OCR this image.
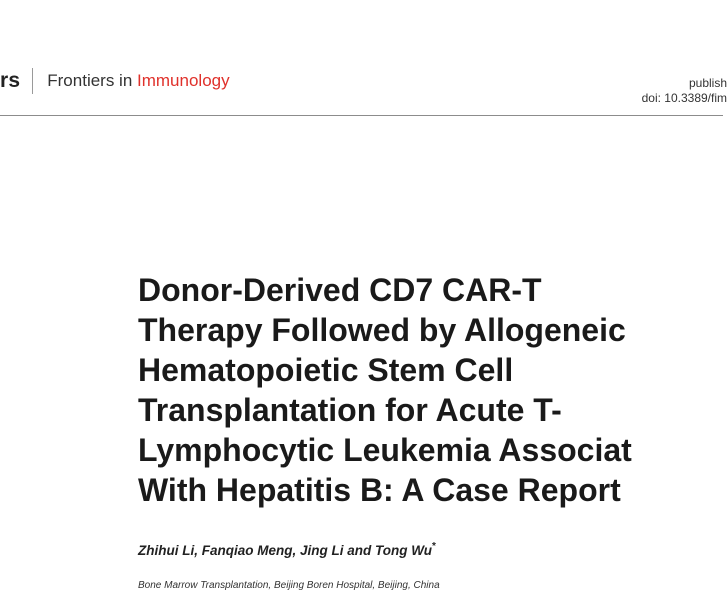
rs Frontiers in Immunology	publish
doi: 10.3389/fim
Donor-Derived CD7 CAR-T
Therapy Followed by Allogeneic
Hematopoietic Stem Cell
Transplantation for Acute T-
Lymphocytic Leukemia Associat
With Hepatitis B: A Case Report
Zhihui Li, Fanqiao Meng, Jing Li and Tong Wu*
Bone Marrow Transplantation, Beijing Boren Hospital, Beijing, China
